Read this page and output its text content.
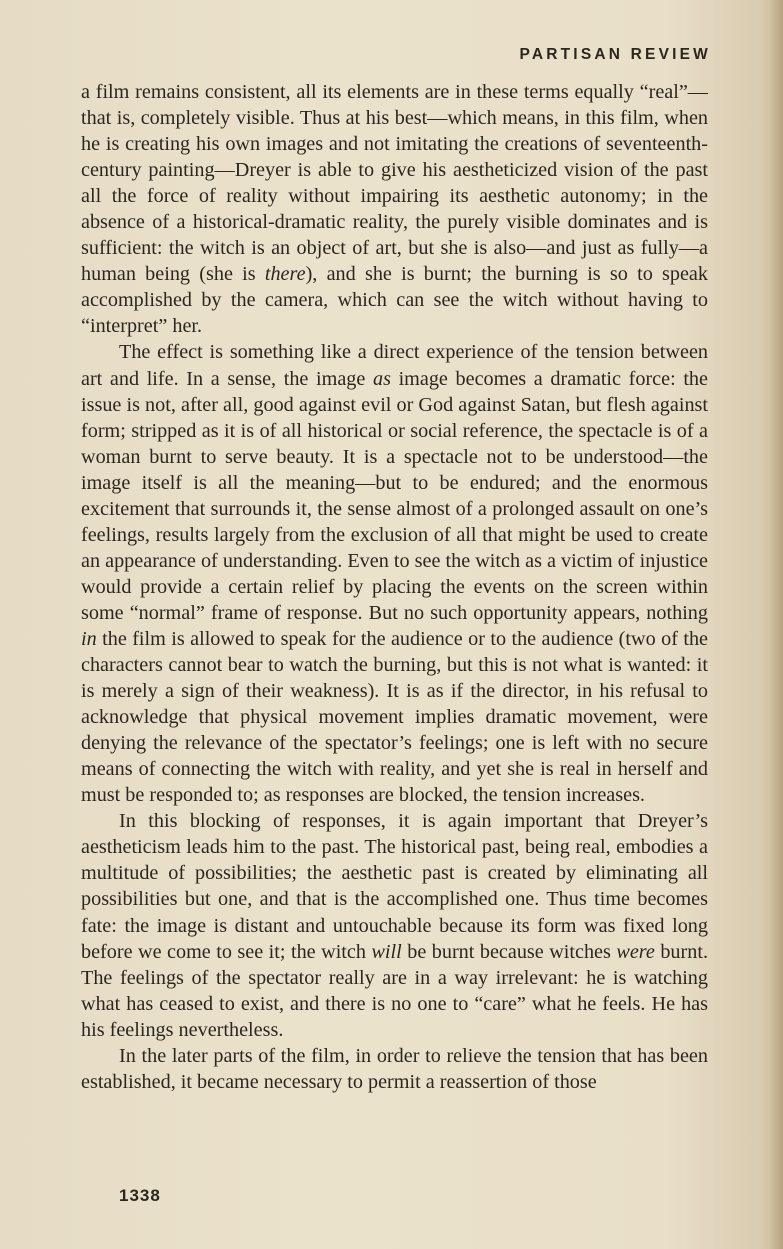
PARTISAN REVIEW

a film remains consistent, all its elements are in these terms equally “real”—that is, completely visible. Thus at his best—which means, in this film, when he is creating his own images and not imitating the creations of seventeenth-century painting—Dreyer is able to give his aestheticized vision of the past all the force of reality without impairing its aesthetic autonomy; in the absence of a historical-dramatic reality, the purely visible dominates and is sufficient: the witch is an object of art, but she is also—and just as fully—a human being (she is there), and she is burnt; the burning is so to speak accomplished by the camera, which can see the witch without having to “interpret” her.

The effect is something like a direct experience of the tension between art and life. In a sense, the image as image becomes a dramatic force: the issue is not, after all, good against evil or God against Satan, but flesh against form; stripped as it is of all historical or social reference, the spectacle is of a woman burnt to serve beauty. It is a spectacle not to be understood—the image itself is all the meaning—but to be endured; and the enormous excitement that surrounds it, the sense almost of a prolonged assault on one’s feelings, results largely from the exclusion of all that might be used to create an appearance of understanding. Even to see the witch as a victim of injustice would provide a certain relief by placing the events on the screen within some “normal” frame of response. But no such opportunity appears, nothing in the film is allowed to speak for the audience or to the audience (two of the characters cannot bear to watch the burning, but this is not what is wanted: it is merely a sign of their weakness). It is as if the director, in his refusal to acknowledge that physical movement implies dramatic movement, were denying the relevance of the spectator’s feelings; one is left with no secure means of connecting the witch with reality, and yet she is real in herself and must be responded to; as responses are blocked, the tension increases.

In this blocking of responses, it is again important that Dreyer’s aestheticism leads him to the past. The historical past, being real, embodies a multitude of possibilities; the aesthetic past is created by eliminating all possibilities but one, and that is the accomplished one. Thus time becomes fate: the image is distant and untouchable because its form was fixed long before we come to see it; the witch will be burnt because witches were burnt. The feelings of the spectator really are in a way irrelevant: he is watching what has ceased to exist, and there is no one to “care” what he feels. He has his feelings nevertheless.

In the later parts of the film, in order to relieve the tension that has been established, it became necessary to permit a reassertion of those

1338
